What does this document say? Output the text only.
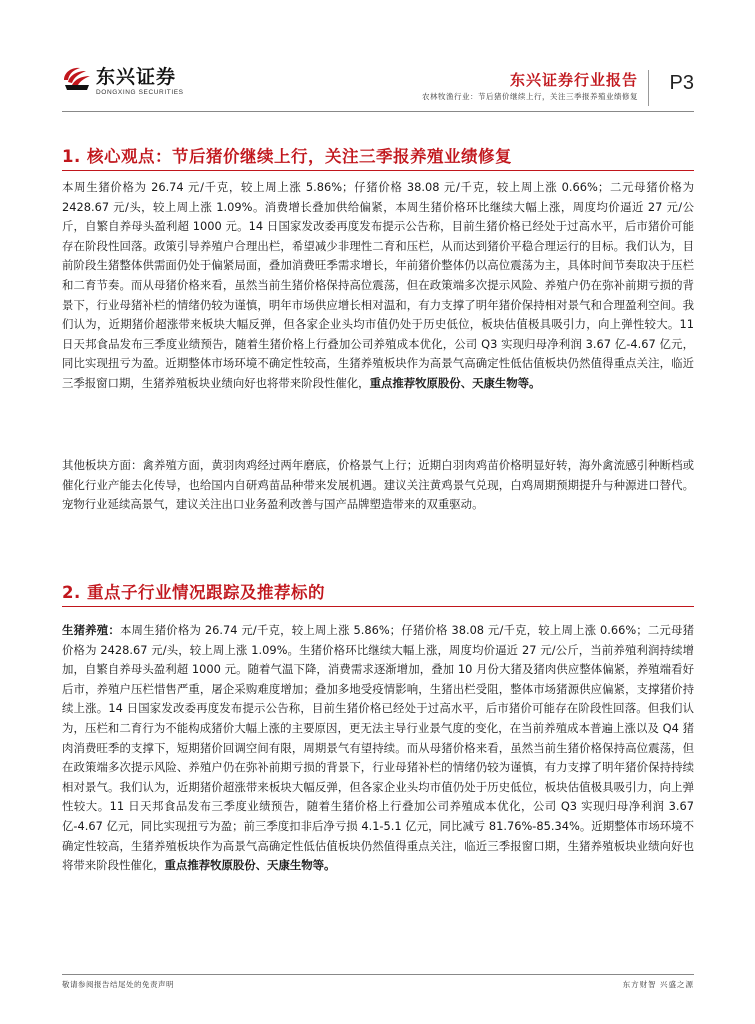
东兴证券
DONGXING SECURITIES
东兴证券行业报告
农林牧渔行业：节后猪价继续上行，关注三季报养殖业绩修复
P3
1. 核心观点：节后猪价继续上行，关注三季报养殖业绩修复
本周生猪价格为 26.74 元/千克，较上周上涨 5.86%；仔猪价格 38.08 元/千克，较上周上涨 0.66%；二元母猪价格为 2428.67 元/头，较上周上涨 1.09%。消费增长叠加供给偏紧，本周生猪价格环比继续大幅上涨，周度均价逼近 27 元/公斤，自繁自养母头盈利超 1000 元。14 日国家发改委再度发布提示公告称，目前生猪价格已经处于过高水平，后市猪价可能存在阶段性回落。政策引导养殖户合理出栏，希望减少非理性二育和压栏，从而达到猪价平稳合理运行的目标。我们认为，目前阶段生猪整体供需面仍处于偏紧局面，叠加消费旺季需求增长，年前猪价整体仍以高位震荡为主，具体时间节奏取决于压栏和二育节奏。而从母猪价格来看，虽然当前生猪价格保持高位震荡，但在政策端多次提示风险、养殖户仍在弥补前期亏损的背景下，行业母猪补栏的情绪仍较为谨慎，明年市场供应增长相对温和，有力支撑了明年猪价保持相对景气和合理盈利空间。我们认为，近期猪价超涨带来板块大幅反弹，但各家企业头均市值仍处于历史低位，板块估值极具吸引力，向上弹性较大。11 日天邦食品发布三季度业绩预告，随着生猪价格上行叠加公司养殖成本优化，公司 Q3 实现归母净利润 3.67 亿-4.67 亿元，同比实现扭亏为盈。近期整体市场环境不确定性较高，生猪养殖板块作为高景气高确定性低估值板块仍然值得重点关注，临近三季报窗口期，生猪养殖板块业绩向好也将带来阶段性催化，重点推荐牧原股份、天康生物等。
其他板块方面：禽养殖方面，黄羽肉鸡经过两年磨底，价格景气上行；近期白羽肉鸡苗价格明显好转，海外禽流感引种断档或催化行业产能去化传导，也给国内自研鸡苗品种带来发展机遇。建议关注黄鸡景气兑现，白鸡周期预期提升与种源进口替代。宠物行业延续高景气，建议关注出口业务盈利改善与国产品牌塑造带来的双重驱动。
2. 重点子行业情况跟踪及推荐标的
生猪养殖：本周生猪价格为 26.74 元/千克，较上周上涨 5.86%；仔猪价格 38.08 元/千克，较上周上涨 0.66%；二元母猪价格为 2428.67 元/头，较上周上涨 1.09%。生猪价格环比继续大幅上涨，周度均价逼近 27 元/公斤，当前养殖利润持续增加，自繁自养母头盈利超 1000 元。随着气温下降，消费需求逐渐增加，叠加 10 月份大猪及猪肉供应整体偏紧，养殖端看好后市，养殖户压栏惜售严重，屠企采购难度增加；叠加多地受疫情影响，生猪出栏受阻，整体市场猪源供应偏紧，支撑猪价持续上涨。14 日国家发改委再度发布提示公告称，目前生猪价格已经处于过高水平，后市猪价可能存在阶段性回落。但我们认为，压栏和二育行为不能构成猪价大幅上涨的主要原因，更无法主导行业景气度的变化，在当前养殖成本普遍上涨以及 Q4 猪肉消费旺季的支撑下，短期猪价回调空间有限，周期景气有望持续。而从母猪价格来看，虽然当前生猪价格保持高位震荡，但在政策端多次提示风险、养殖户仍在弥补前期亏损的背景下，行业母猪补栏的情绪仍较为谨慎，有力支撑了明年猪价保持持续相对景气。我们认为，近期猪价超涨带来板块大幅反弹，但各家企业头均市值仍处于历史低位，板块估值极具吸引力，向上弹性较大。11 日天邦食品发布三季度业绩预告，随着生猪价格上行叠加公司养殖成本优化，公司 Q3 实现归母净利润 3.67 亿-4.67 亿元，同比实现扭亏为盈；前三季度扣非后净亏损 4.1-5.1 亿元，同比减亏 81.76%-85.34%。近期整体市场环境不确定性较高，生猪养殖板块作为高景气高确定性低估值板块仍然值得重点关注，临近三季报窗口期，生猪养殖板块业绩向好也将带来阶段性催化，重点推荐牧原股份、天康生物等。
敬请参阅报告结尾处的免责声明	东方财智 兴盛之源
